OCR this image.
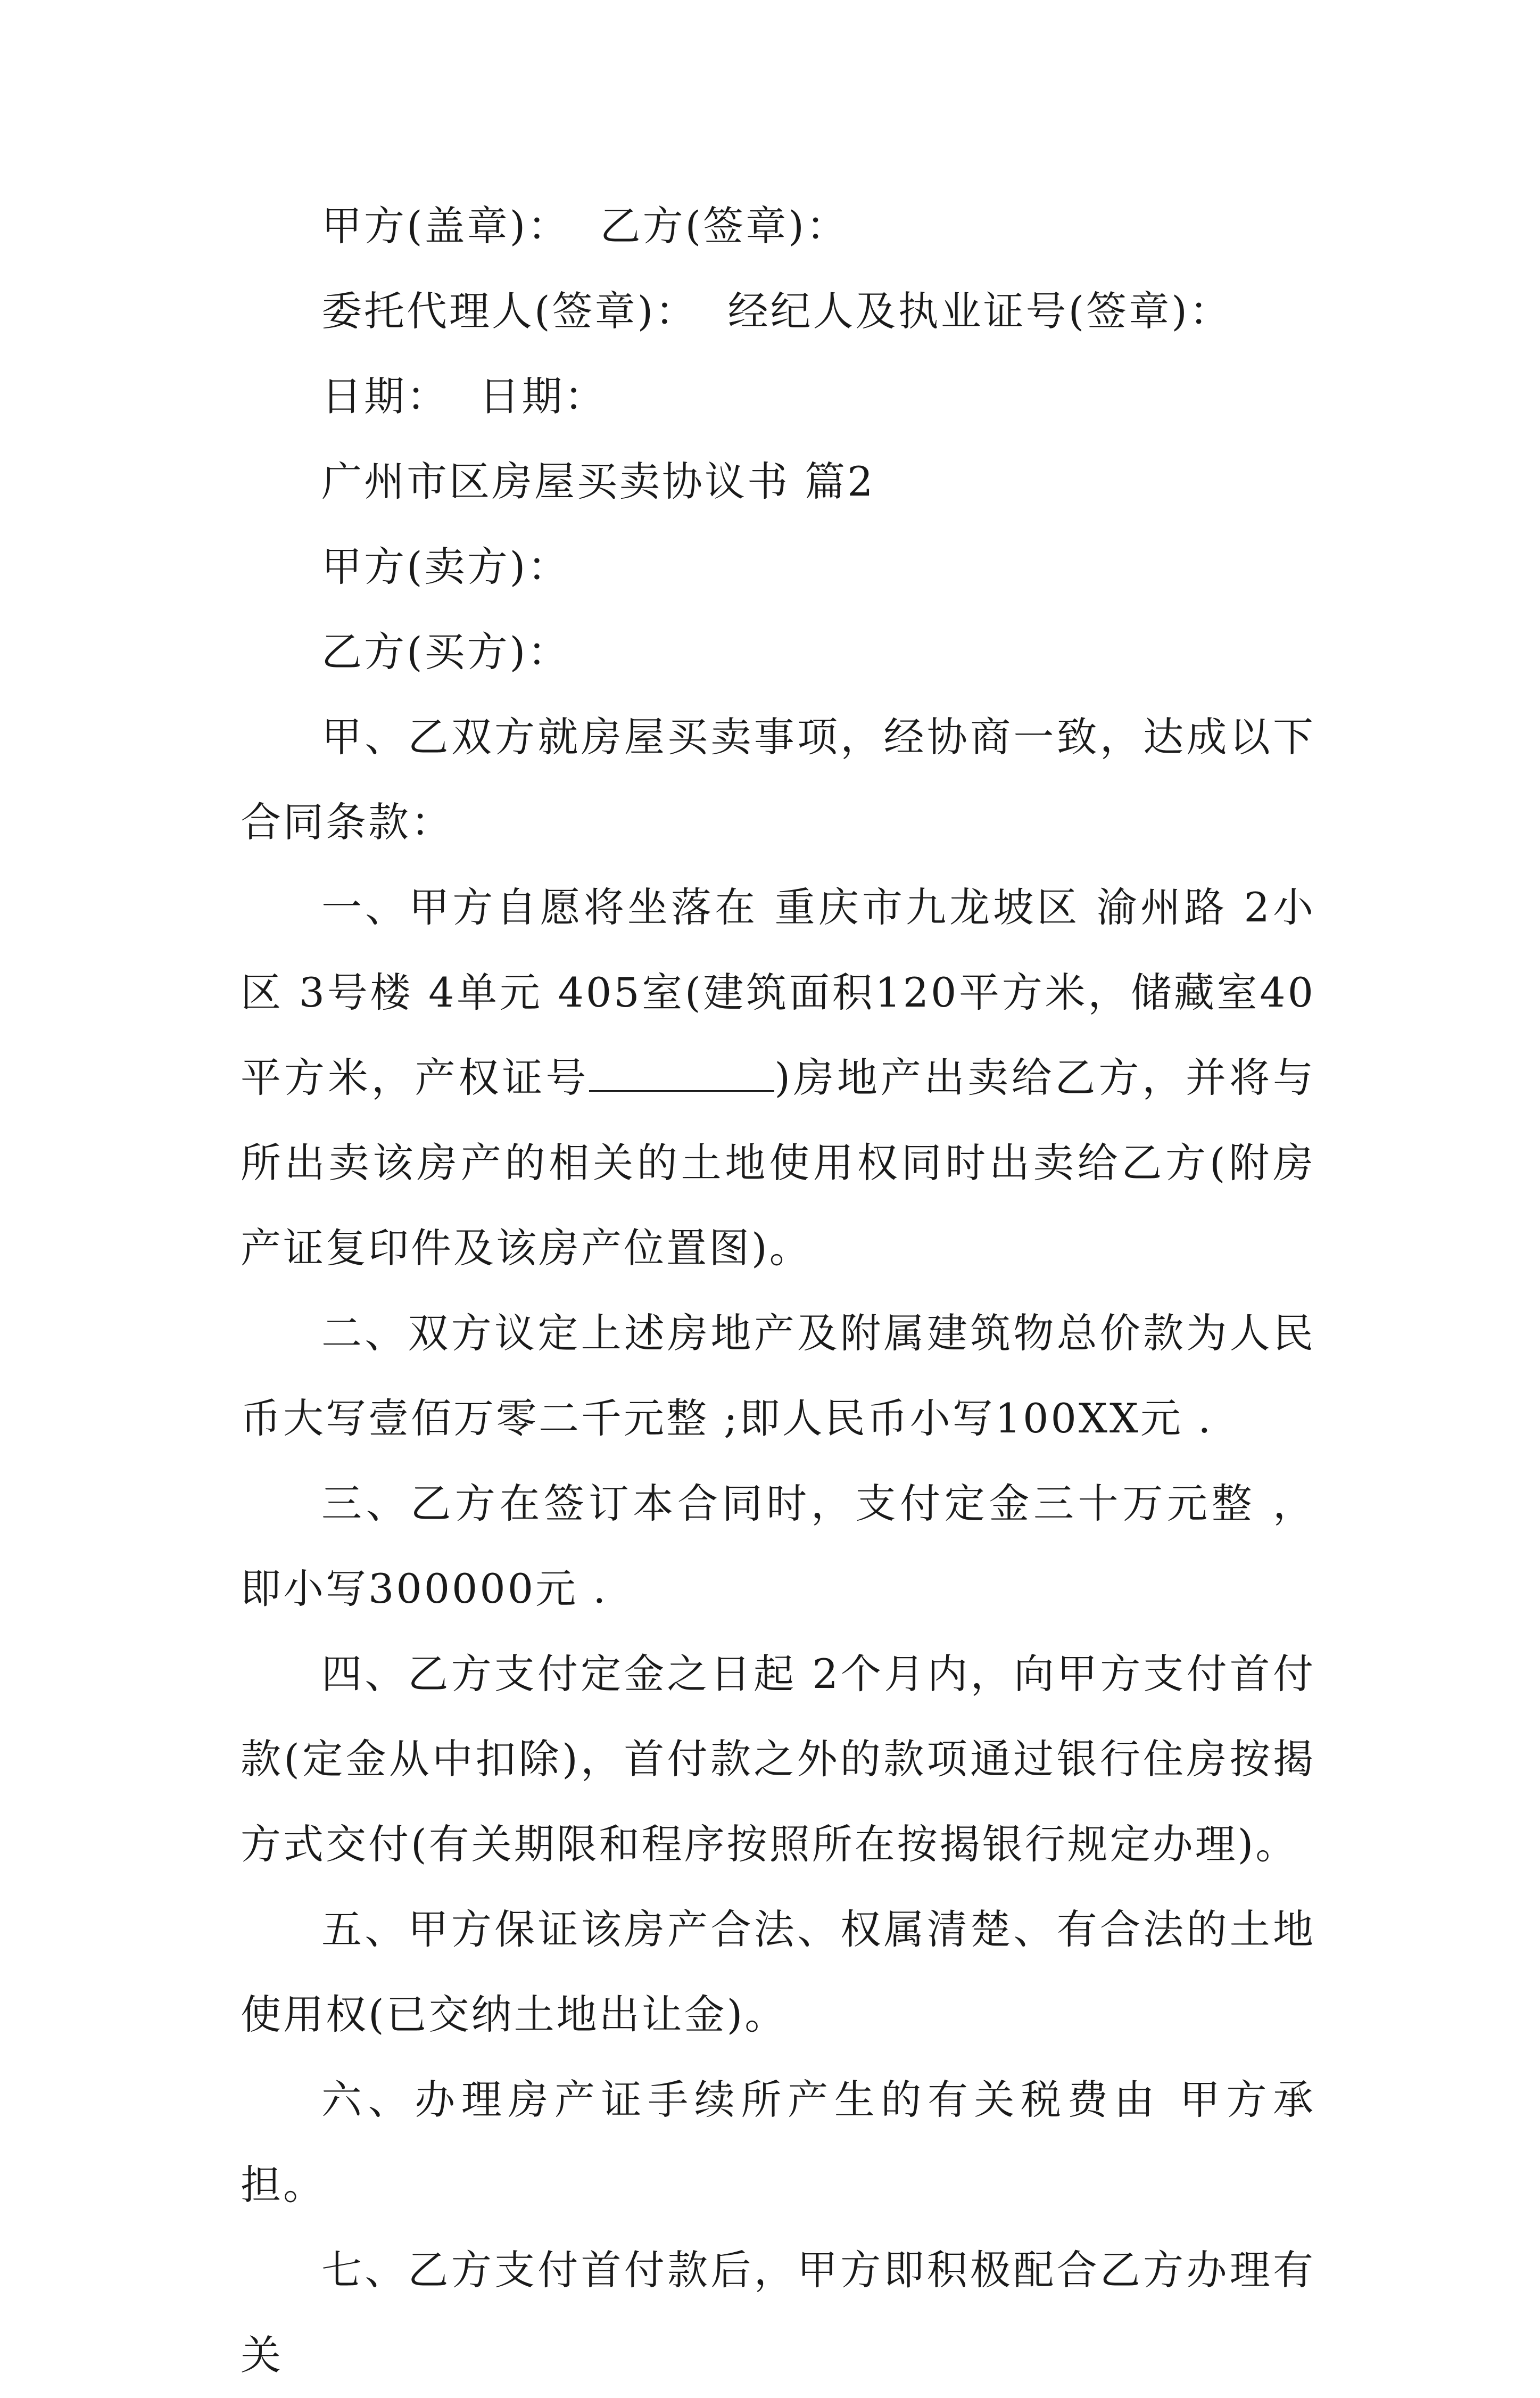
甲方(盖章)： 乙方(签章)：

委托代理人(签章)： 经纪人及执业证号(签章)：

日期： 日期：

广州市区房屋买卖协议书 篇2

甲方(卖方)：

乙方(买方)：

甲、乙双方就房屋买卖事项，经协商一致，达成以下合同条款：

一、甲方自愿将坐落在 重庆市九龙坡区 渝州路 2小区 3号楼 4单元 405室(建筑面积120平方米，储藏室40 平方米，产权证号	)房地产出卖给乙方，并将与所出卖该房产的相关的土地使用权同时出卖给乙方(附房产证复印件及该房产位置图)。

二、双方议定上述房地产及附属建筑物总价款为人民币大写壹佰万零二千元整 ;即人民币小写100XX元 .

三、乙方在签订本合同时，支付定金三十万元整 ，即小写300000元 .

四、乙方支付定金之日起 2个月内，向甲方支付首付款(定金从中扣除)，首付款之外的款项通过银行住房按揭方式交付(有关期限和程序按照所在按揭银行规定办理)。

五、甲方保证该房产合法、权属清楚、有合法的土地使用权(已交纳土地出让金)。

六、办理房产证手续所产生的有关税费由 甲方承担。

七、乙方支付首付款后，甲方即积极配合乙方办理有关
